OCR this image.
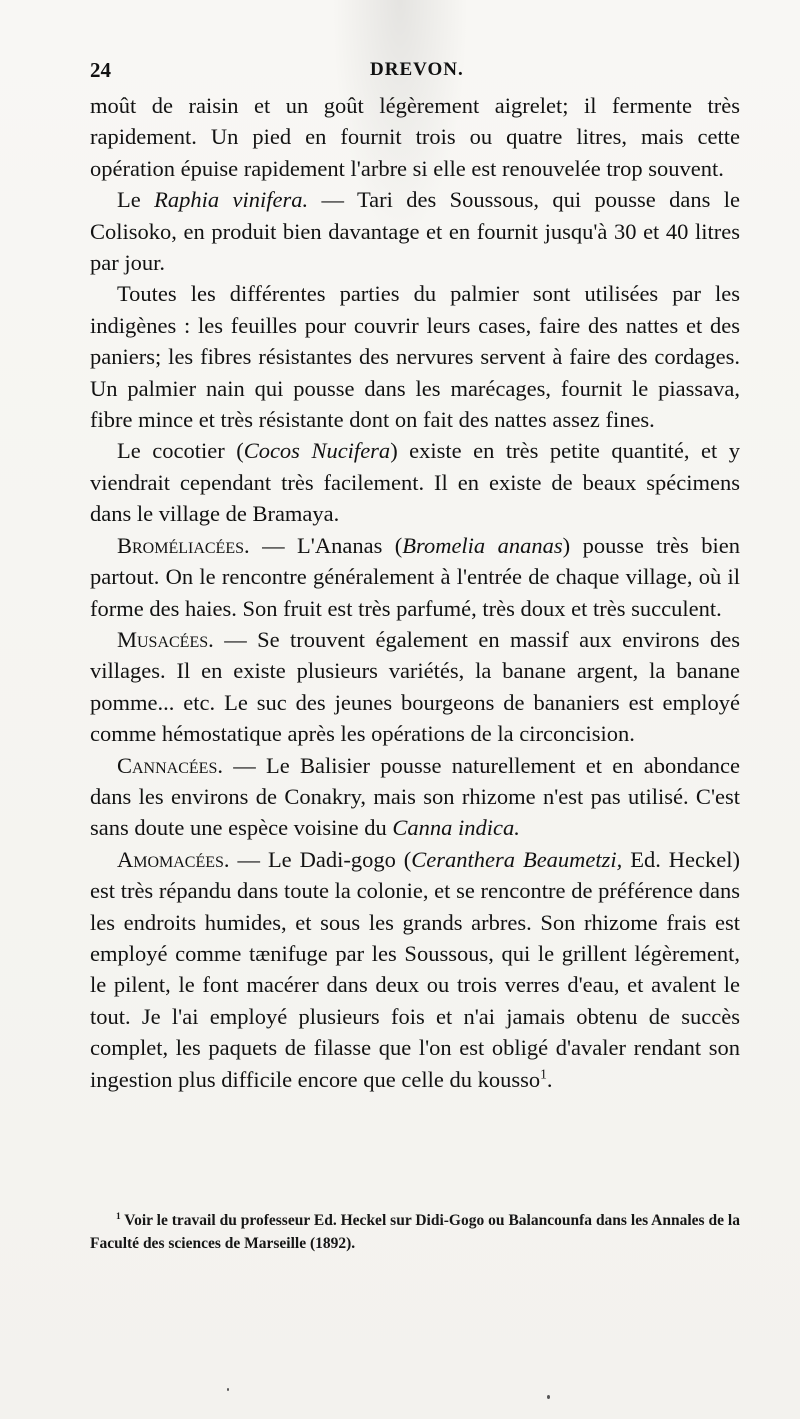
24	DREVON.

moût de raisin et un goût légèrement aigrelet; il fermente très rapidement. Un pied en fournit trois ou quatre litres, mais cette opération épuise rapidement l'arbre si elle est renouvelée trop souvent.

Le Raphia vinifera. — Tari des Soussous, qui pousse dans le Colisoko, en produit bien davantage et en fournit jusqu'à 30 et 40 litres par jour.

Toutes les différentes parties du palmier sont utilisées par les indigènes : les feuilles pour couvrir leurs cases, faire des nattes et des paniers; les fibres résistantes des nervures servent à faire des cordages. Un palmier nain qui pousse dans les marécages, fournit le piassava, fibre mince et très résistante dont on fait des nattes assez fines.

Le cocotier (Cocos Nucifera) existe en très petite quantité, et y viendrait cependant très facilement. Il en existe de beaux spécimens dans le village de Bramaya.

Broméliacées. — L'Ananas (Bromelia ananas) pousse très bien partout. On le rencontre généralement à l'entrée de chaque village, où il forme des haies. Son fruit est très parfumé, très doux et très succulent.

Musacées. — Se trouvent également en massif aux environs des villages. Il en existe plusieurs variétés, la banane argent, la banane pomme... etc. Le suc des jeunes bourgeons de bananiers est employé comme hémostatique après les opérations de la circoncision.

Cannacées. — Le Balisier pousse naturellement et en abondance dans les environs de Conakry, mais son rhizome n'est pas utilisé. C'est sans doute une espèce voisine du Canna indica.

Amomacées. — Le Dadi-gogo (Ceranthera Beaumetzi, Ed. Heckel) est très répandu dans toute la colonie, et se rencontre de préférence dans les endroits humides, et sous les grands arbres. Son rhizome frais est employé comme tænifuge par les Soussous, qui le grillent légèrement, le pilent, le font macérer dans deux ou trois verres d'eau, et avalent le tout. Je l'ai employé plusieurs fois et n'ai jamais obtenu de succès complet, les paquets de filasse que l'on est obligé d'avaler rendant son ingestion plus difficile encore que celle du kousso$^1$.

$^1$ Voir le travail du professeur Ed. Heckel sur Didi-Gogo ou Balancounfa dans les Annales de la Faculté des sciences de Marseille (1892).
